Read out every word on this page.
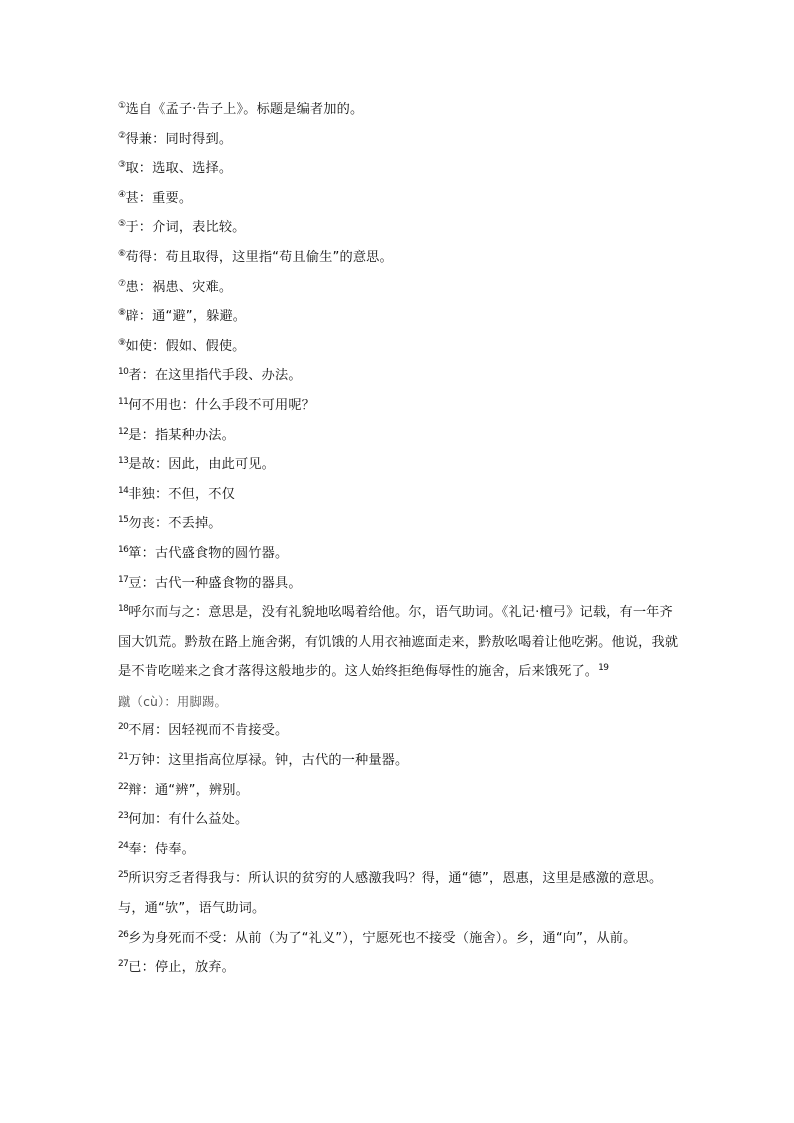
①选自《孟子·告子上》。标题是编者加的。
②得兼：同时得到。
③取：选取、选择。
④甚：重要。
⑤于：介词，表比较。
⑥苟得：苟且取得，这里指“苟且偷生”的意思。
⑦患：祸患、灾难。
⑧辟：通“避”，躲避。
⑨如使：假如、假使。
10者：在这里指代手段、办法。
11何不用也：什么手段不可用呢？
12是：指某种办法。
13是故：因此，由此可见。
14非独：不但，不仅
15勿丧：不丢掉。
16箪：古代盛食物的圆竹器。
17豆：古代一种盛食物的器具。
18呼尔而与之：意思是，没有礼貌地吆喝着给他。尔，语气助词。《礼记·檀弓》记载，有一年齐国大饥荒。黔敖在路上施舍粥，有饥饿的人用衣袖遮面走来，黔敖吆喝着让他吃粥。他说，我就是不肯吃嗟来之食才落得这般地步的。这人始终拒绝侮辱性的施舍，后来饿死了。19
蹴（cù）：用脚踢。
20不屑：因轻视而不肯接受。
21万钟：这里指高位厚禄。钟，古代的一种量器。
22辩：通“辨”，辨别。
23何加：有什么益处。
24奉：侍奉。
25所识穷乏者得我与：所认识的贫穷的人感激我吗？得，通“德”，恩惠，这里是感激的意思。与，通“欤”，语气助词。
26乡为身死而不受：从前（为了“礼义”），宁愿死也不接受（施舍）。乡，通“向”，从前。
27已：停止，放弃。
